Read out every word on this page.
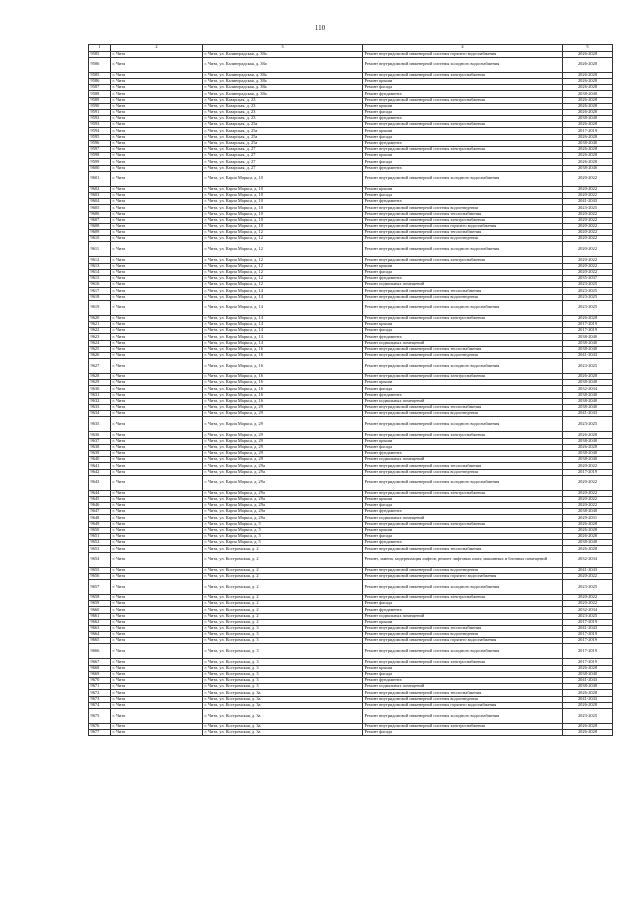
110
1	2	3	4	5
9585	г. Чита	г. Чита, ул. Калинградская, д. 38а	Ремонт внутридомовой инженерной системы горячего водоснабжения	2026-2028
9586	г. Чита	г. Чита, ул. Калинградская, д. 38а	Ремонт внутридомовой инженерной системы холодного водоснабжения	2026-2028
9585	г. Чита	г. Чита, ул. Калинградская, д. 38а	Ремонт внутридомовой инженерной системы электроснабжения	2026-2028
9586	г. Чита	г. Чита, ул. Калинградская, д. 38а	Ремонт крыши	2026-2028
9587	г. Чита	г. Чита, ул. Калинградская, д. 38а	Ремонт фасада	2026-2028
9588	г. Чита	г. Чита, ул. Калинградская, д. 38а	Ремонт фундамента	2038-2040
9589	г. Чита	г. Чита, ул. Казарская, д. 23	Ремонт внутридомовой инженерной системы электроснабжения	2026-2028
9590	г. Чита	г. Чита, ул. Казарская, д. 23	Ремонт крыши	2026-2028
9591	г. Чита	г. Чита, ул. Казарская, д. 23	Ремонт фасада	2026-2028
9592	г. Чита	г. Чита, ул. Казарская, д. 23	Ремонт фундамента	2038-2040
9593	г. Чита	г. Чита, ул. Казарская, д. 25а	Ремонт внутридомовой инженерной системы электроснабжения	2026-2028
9594	г. Чита	г. Чита, ул. Казарская, д. 25а	Ремонт крыши	2017-2019
9595	г. Чита	г. Чита, ул. Казарская, д. 25а	Ремонт фасада	2026-2028
9596	г. Чита	г. Чита, ул. Казарская, д. 25а	Ремонт фундамента	2038-2040
9597	г. Чита	г. Чита, ул. Казарская, д. 27	Ремонт внутридомовой инженерной системы электроснабжения	2026-2028
9598	г. Чита	г. Чита, ул. Казарская, д. 27	Ремонт крыши	2026-2028
9599	г. Чита	г. Чита, ул. Казарская, д. 27	Ремонт фасада	2026-2028
9600	г. Чита	г. Чита, ул. Казарская, д. 27	Ремонт фундамента	2038-2040
9601	г. Чита	г. Чита, ул. Карла Маркса, д. 10	Ремонт внутридомовой инженерной системы холодного водоснабжения	2020-2022
9602	г. Чита	г. Чита, ул. Карла Маркса, д. 10	Ремонт крыши	2020-2022
9603	г. Чита	г. Чита, ул. Карла Маркса, д. 10	Ремонт фасада	2020-2022
9604	г. Чита	г. Чита, ул. Карла Маркса, д. 10	Ремонт фундамента	2041-2043
9605	г. Чита	г. Чита, ул. Карла Маркса, д. 10	Ремонт внутридомовой инженерной системы водоотведения	2023-2025
9606	г. Чита	г. Чита, ул. Карла Маркса, д. 10	Ремонт внутридомовой инженерной системы теплоснабжения	2020-2022
9607	г. Чита	г. Чита, ул. Карла Маркса, д. 10	Ремонт внутридомовой инженерной системы электроснабжения	2020-2022
9608	г. Чита	г. Чита, ул. Карла Маркса, д. 10	Ремонт внутридомовой инженерной системы горячего водоснабжения	2020-2022
9609	г. Чита	г. Чита, ул. Карла Маркса, д. 12	Ремонт внутридомовой инженерной системы теплоснабжения	2020-2022
9610	г. Чита	г. Чита, ул. Карла Маркса, д. 12	Ремонт внутридомовой инженерной системы водоотведения	2020-2022
9611	г. Чита	г. Чита, ул. Карла Маркса, д. 12	Ремонт внутридомовой инженерной системы холодного водоснабжения	2020-2022
9612	г. Чита	г. Чита, ул. Карла Маркса, д. 12	Ремонт внутридомовой инженерной системы электроснабжения	2020-2022
9613	г. Чита	г. Чита, ул. Карла Маркса, д. 12	Ремонт крыши	2020-2022
9614	г. Чита	г. Чита, ул. Карла Маркса, д. 12	Ремонт фасада	2020-2022
9615	г. Чита	г. Чита, ул. Карла Маркса, д. 12	Ремонт фундамента	2035-2037
9616	г. Чита	г. Чита, ул. Карла Маркса, д. 12	Ремонт подвальных помещений	2023-2025
9617	г. Чита	г. Чита, ул. Карла Маркса, д. 14	Ремонт внутридомовой инженерной системы теплоснабжения	2023-2025
9618	г. Чита	г. Чита, ул. Карла Маркса, д. 14	Ремонт внутридомовой инженерной системы водоотведения	2023-2025
9619	г. Чита	г. Чита, ул. Карла Маркса, д. 14	Ремонт внутридомовой инженерной системы холодного водоснабжения	2023-2025
9620	г. Чита	г. Чита, ул. Карла Маркса, д. 14	Ремонт внутридомовой инженерной системы электроснабжения	2026-2028
9621	г. Чита	г. Чита, ул. Карла Маркса, д. 14	Ремонт крыши	2017-2019
9622	г. Чита	г. Чита, ул. Карла Маркса, д. 14	Ремонт фасада	2017-2019
9623	г. Чита	г. Чита, ул. Карла Маркса, д. 14	Ремонт фундамента	2038-2040
9624	г. Чита	г. Чита, ул. Карла Маркса, д. 14	Ремонт подвальных помещений	2038-2040
9625	г. Чита	г. Чита, ул. Карла Маркса, д. 16	Ремонт внутридомовой инженерной системы теплоснабжения	2038-2040
9626	г. Чита	г. Чита, ул. Карла Маркса, д. 16	Ремонт внутридомовой инженерной системы водоотведения	2041-2043
9627	г. Чита	г. Чита, ул. Карла Маркса, д. 16	Ремонт внутридомовой инженерной системы холодного водоснабжения	2023-2025
9628	г. Чита	г. Чита, ул. Карла Маркса, д. 16	Ремонт внутридомовой инженерной системы электроснабжения	2026-2028
9629	г. Чита	г. Чита, ул. Карла Маркса, д. 16	Ремонт крыши	2038-2040
9630	г. Чита	г. Чита, ул. Карла Маркса, д. 16	Ремонт фасада	2032-2034
9631	г. Чита	г. Чита, ул. Карла Маркса, д. 16	Ремонт фундамента	2038-2040
9632	г. Чита	г. Чита, ул. Карла Маркса, д. 16	Ремонт подвальных помещений	2038-2040
9633	г. Чита	г. Чита, ул. Карла Маркса, д. 29	Ремонт внутридомовой инженерной системы теплоснабжения	2038-2040
9634	г. Чита	г. Чита, ул. Карла Маркса, д. 29	Ремонт внутридомовой инженерной системы водоотведения	2041-2043
9635	г. Чита	г. Чита, ул. Карла Маркса, д. 29	Ремонт внутридомовой инженерной системы холодного водоснабжения	2023-2025
9636	г. Чита	г. Чита, ул. Карла Маркса, д. 29	Ремонт внутридомовой инженерной системы электроснабжения	2026-2028
9637	г. Чита	г. Чита, ул. Карла Маркса, д. 29	Ремонт крыши	2038-2040
9638	г. Чита	г. Чита, ул. Карла Маркса, д. 29	Ремонт фасада	2026-2028
9639	г. Чита	г. Чита, ул. Карла Маркса, д. 29	Ремонт фундамента	2038-2040
9640	г. Чита	г. Чита, ул. Карла Маркса, д. 29	Ремонт подвальных помещений	2038-2040
9641	г. Чита	г. Чита, ул. Карла Маркса, д. 29а	Ремонт внутридомовой инженерной системы теплоснабжения	2020-2022
9642	г. Чита	г. Чита, ул. Карла Маркса, д. 29а	Ремонт внутридомовой инженерной системы водоотведения	2017-2019
9643	г. Чита	г. Чита, ул. Карла Маркса, д. 29а	Ремонт внутридомовой инженерной системы холодного водоснабжения	2020-2022
9644	г. Чита	г. Чита, ул. Карла Маркса, д. 29а	Ремонт внутридомовой инженерной системы электроснабжения	2020-2022
9645	г. Чита	г. Чита, ул. Карла Маркса, д. 29а	Ремонт крыши	2020-2022
9646	г. Чита	г. Чита, ул. Карла Маркса, д. 29а	Ремонт фасада	2020-2022
9647	г. Чита	г. Чита, ул. Карла Маркса, д. 29а	Ремонт фундамента	2038-2040
9648	г. Чита	г. Чита, ул. Карла Маркса, д. 29а	Ремонт подвальных помещений	2029-2031
9649	г. Чита	г. Чита, ул. Карла Маркса, д. 5	Ремонт внутридомовой инженерной системы электроснабжения	2026-2028
9650	г. Чита	г. Чита, ул. Карла Маркса, д. 5	Ремонт крыши	2026-2028
9651	г. Чита	г. Чита, ул. Карла Маркса, д. 5	Ремонт фасада	2026-2028
9652	г. Чита	г. Чита, ул. Карла Маркса, д. 5	Ремонт фундамента	2038-2040
9653	г. Чита	г. Чита, ул. Костромская, д. 2	Ремонт внутридомовой инженерной системы теплоснабжения	2026-2028
9654	г. Чита	г. Чита, ул. Костромская, д. 2	Ремонт, замена, модернизация лифтов, ремонт лифтовых шахт, машинных и блочных помещений	2032-2034
9655	г. Чита	г. Чита, ул. Костромская, д. 2	Ремонт внутридомовой инженерной системы водоотведения	2041-2043
9656	г. Чита	г. Чита, ул. Костромская, д. 2	Ремонт внутридомовой инженерной системы горячего водоснабжения	2020-2022
9657	г. Чита	г. Чита, ул. Костромская, д. 2	Ремонт внутридомовой инженерной системы холодного водоснабжения	2023-2025
9658	г. Чита	г. Чита, ул. Костромская, д. 2	Ремонт внутридомовой инженерной системы электроснабжения	2020-2022
9659	г. Чита	г. Чита, ул. Костромская, д. 2	Ремонт фасада	2020-2022
9660	г. Чита	г. Чита, ул. Костромская, д. 2	Ремонт фундамента	2032-2034
9661	г. Чита	г. Чита, ул. Костромская, д. 2	Ремонт подвальных помещений	2023-2025
9662	г. Чита	г. Чита, ул. Костромская, д. 2	Ремонт крыши	2017-2019
9663	г. Чита	г. Чита, ул. Костромская, д. 3	Ремонт внутридомовой инженерной системы теплоснабжения	2041-2043
9664	г. Чита	г. Чита, ул. Костромская, д. 3	Ремонт внутридомовой инженерной системы водоотведения	2017-2019
9665	г. Чита	г. Чита, ул. Костромская, д. 3	Ремонт внутридомовой инженерной системы горячего водоснабжения	2017-2019
9666	г. Чита	г. Чита, ул. Костромская, д. 3	Ремонт внутридомовой инженерной системы холодного водоснабжения	2017-2019
9667	г. Чита	г. Чита, ул. Костромская, д. 3	Ремонт внутридомовой инженерной системы электроснабжения	2017-2019
9668	г. Чита	г. Чита, ул. Костромская, д. 3	Ремонт крыши	2026-2028
9669	г. Чита	г. Чита, ул. Костромская, д. 3	Ремонт фасада	2038-2040
9670	г. Чита	г. Чита, ул. Костромская, д. 3	Ремонт фундамента	2041-2043
9671	г. Чита	г. Чита, ул. Костромская, д. 3	Ремонт подвальных помещений	2038-2040
9672	г. Чита	г. Чита, ул. Костромская, д. 3а	Ремонт внутридомовой инженерной системы теплоснабжения	2026-2028
9673	г. Чита	г. Чита, ул. Костромская, д. 3а	Ремонт внутридомовой инженерной системы водоотведения	2041-2043
9674	г. Чита	г. Чита, ул. Костромская, д. 3а	Ремонт внутридомовой инженерной системы горячего водоснабжения	2026-2028
9675	г. Чита	г. Чита, ул. Костромская, д. 3а	Ремонт внутридомовой инженерной системы холодного водоснабжения	2023-2025
9676	г. Чита	г. Чита, ул. Костромская, д. 3а	Ремонт внутридомовой инженерной системы электроснабжения	2026-2028
9677	г. Чита	г. Чита, ул. Костромская, д. 3а	Ремонт фасада	2026-2028
